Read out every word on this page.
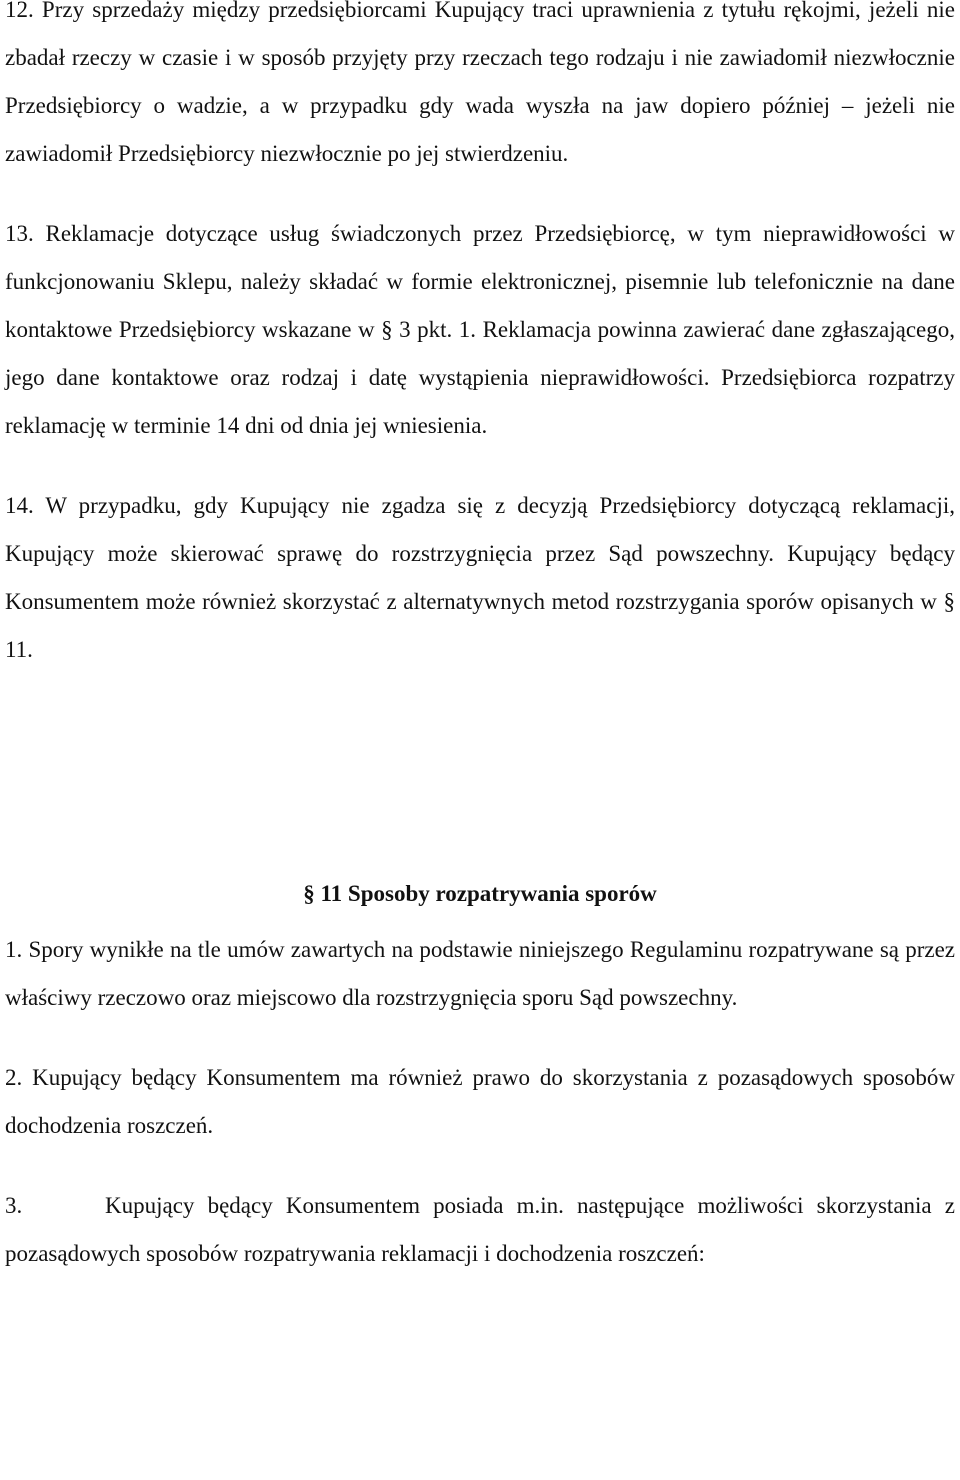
12. Przy sprzedaży między przedsiębiorcami Kupujący traci uprawnienia z tytułu rękojmi, jeżeli nie zbadał rzeczy w czasie i w sposób przyjęty przy rzeczach tego rodzaju i nie zawiadomił niezwłocznie Przedsiębiorcy o wadzie, a w przypadku gdy wada wyszła na jaw dopiero później – jeżeli nie zawiadomił Przedsiębiorcy niezwłocznie po jej stwierdzeniu.

13. Reklamacje dotyczące usług świadczonych przez Przedsiębiorcę, w tym nieprawidłowości w funkcjonowaniu Sklepu, należy składać w formie elektronicznej, pisemnie lub telefonicznie na dane kontaktowe Przedsiębiorcy wskazane w § 3 pkt. 1. Reklamacja powinna zawierać dane zgłaszającego, jego dane kontaktowe oraz rodzaj i datę wystąpienia nieprawidłowości. Przedsiębiorca rozpatrzy reklamację w terminie 14 dni od dnia jej wniesienia.

14. W przypadku, gdy Kupujący nie zgadza się z decyzją Przedsiębiorcy dotyczącą reklamacji, Kupujący może skierować sprawę do rozstrzygnięcia przez Sąd powszechny. Kupujący będący Konsumentem może również skorzystać z alternatywnych metod rozstrzygania sporów opisanych w § 11.

§ 11 Sposoby rozpatrywania sporów

1. Spory wynikłe na tle umów zawartych na podstawie niniejszego Regulaminu rozpatrywane są przez właściwy rzeczowo oraz miejscowo dla rozstrzygnięcia sporu Sąd powszechny.

2. Kupujący będący Konsumentem ma również prawo do skorzystania z pozasądowych sposobów dochodzenia roszczeń.

3.	Kupujący będący Konsumentem posiada m.in. następujące możliwości skorzystania z pozasądowych sposobów rozpatrywania reklamacji i dochodzenia roszczeń:
